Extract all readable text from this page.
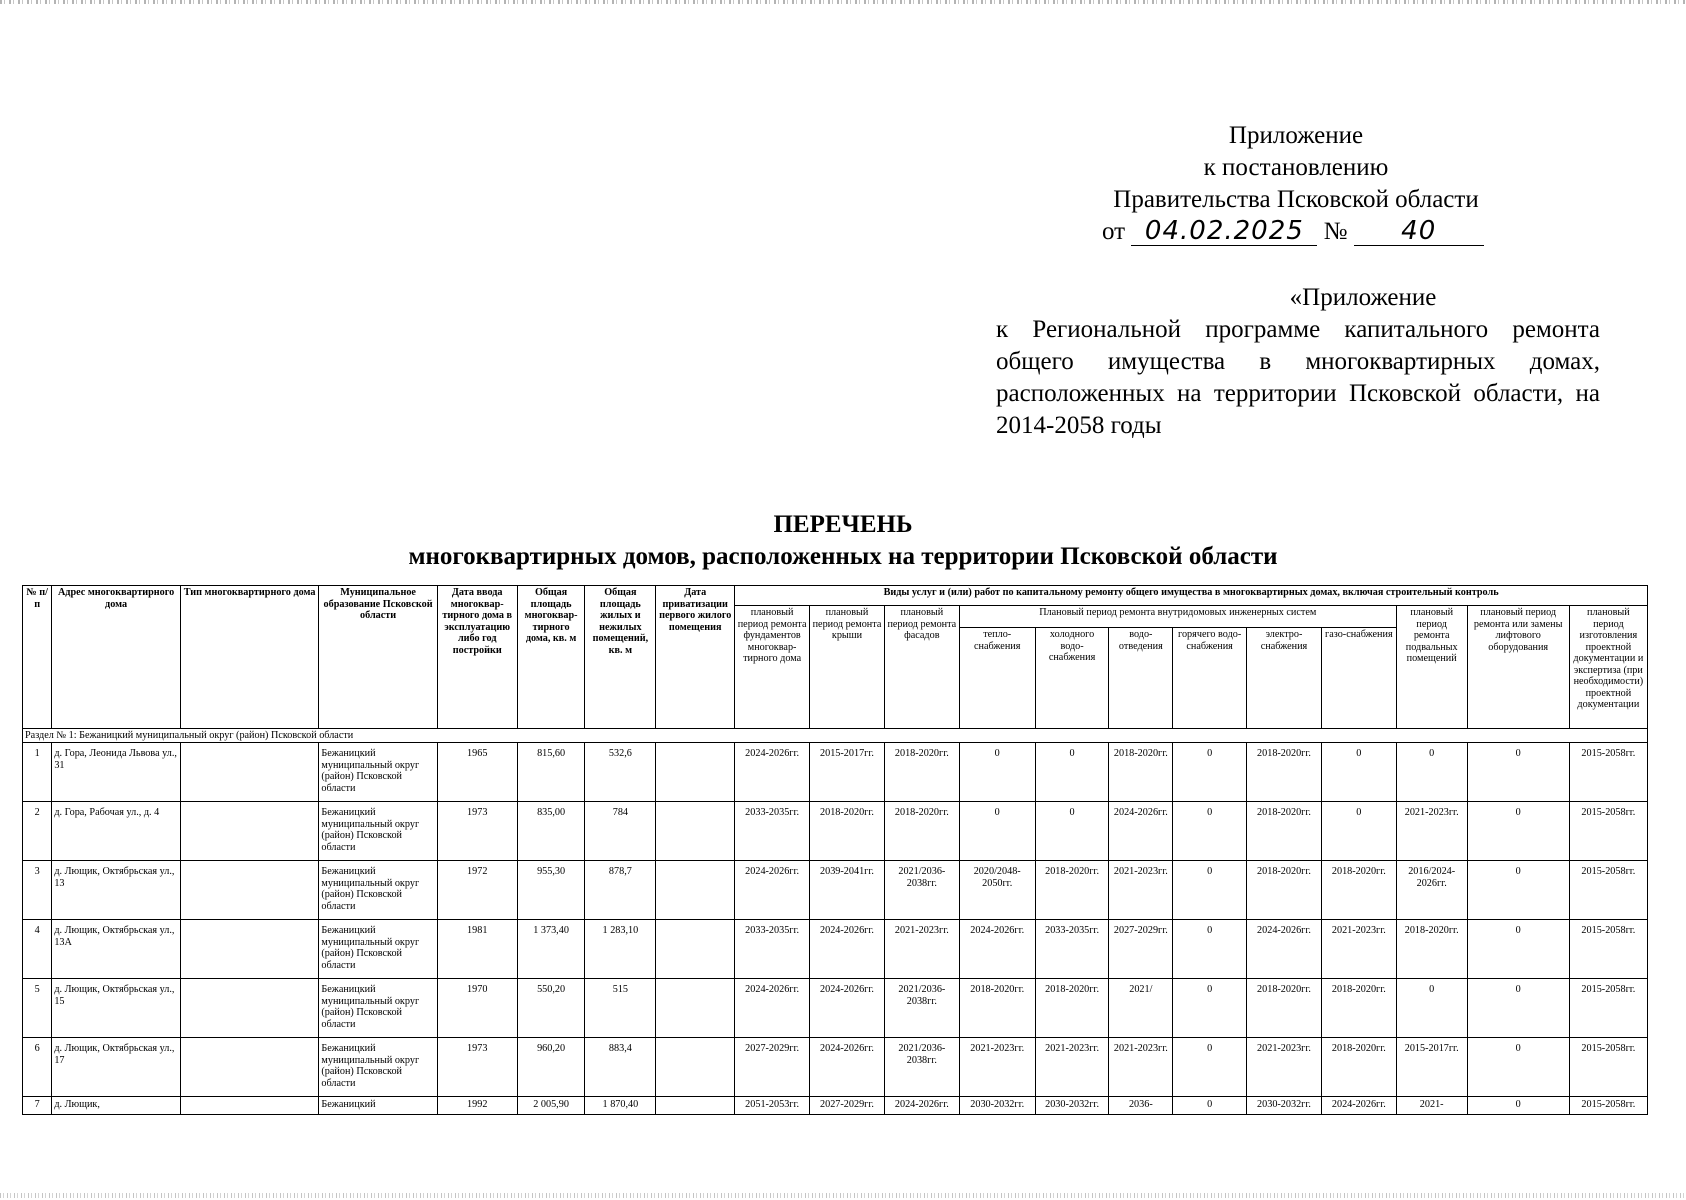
Приложение
к постановлению
Правительства Псковской области
от 04.02.2025 № 40
«Приложение
к Региональной программе капитального ремонта общего имущества в многоквартирных домах, расположенных на территории Псковской области, на 2014-2058 годы
ПЕРЕЧЕНЬ
многоквартирных домов, расположенных на территории Псковской области
№ п/п	Адрес многоквартирного дома	Тип многоквартирного дома	Муниципальное образование Псковской области	Дата ввода многоквар-тирного дома в эксплуатацию либо год постройки	Общая площадь многоквар-тирного дома, кв. м	Общая площадь жилых и нежилых помещений, кв. м	Дата приватизации первого жилого помещения	Виды услуг и (или) работ по капитальному ремонту общего имущества в многоквартирных домах, включая строительный контроль											
								плановый период ремонта фундаментов многоквар-тирного дома	плановый период ремонта крыши	плановый период ремонта фасадов	Плановый период ремонта внутридомовых инженерных систем						плановый период ремонта подвальных помещений	плановый период ремонта или замены лифтового оборудования	плановый период изготовления проектной документации и экспертиза (при необходимости) проектной документации
											тепло-снабжения	холодного водо-снабжения	водо-отведения	горячего водо-снабжения	электро-снабжения	газо-снабжения			
Раздел № 1: Бежаницкий муниципальный округ (район) Псковской области																			
1	д. Гора, Леонида Львова ул., 31		Бежаницкий муниципальный округ (район) Псковской области	1965	815,60	532,6		2024-2026гг.	2015-2017гг.	2018-2020гг.	0	0	2018-2020гг.	0	2018-2020гг.	0	0	0	2015-2058гг.
2	д. Гора, Рабочая ул., д. 4		Бежаницкий муниципальный округ (район) Псковской области	1973	835,00	784		2033-2035гг.	2018-2020гг.	2018-2020гг.	0	0	2024-2026гг.	0	2018-2020гг.	0	2021-2023гг.	0	2015-2058гг.
3	д. Лющик, Октябрьская ул., 13		Бежаницкий муниципальный округ (район) Псковской области	1972	955,30	878,7		2024-2026гг.	2039-2041гг.	2021/2036-2038гг.	2020/2048-2050гг.	2018-2020гг.	2021-2023гг.	0	2018-2020гг.	2018-2020гг.	2016/2024-2026гг.	0	2015-2058гг.
4	д. Лющик, Октябрьская ул., 13А		Бежаницкий муниципальный округ (район) Псковской области	1981	1 373,40	1 283,10		2033-2035гг.	2024-2026гг.	2021-2023гг.	2024-2026гг.	2033-2035гг.	2027-2029гг.	0	2024-2026гг.	2021-2023гг.	2018-2020гг.	0	2015-2058гг.
5	д. Лющик, Октябрьская ул., 15		Бежаницкий муниципальный округ (район) Псковской области	1970	550,20	515		2024-2026гг.	2024-2026гг.	2021/2036-2038гг.	2018-2020гг.	2018-2020гг.	2021/	0	2018-2020гг.	2018-2020гг.	0	0	2015-2058гг.
6	д. Лющик, Октябрьская ул., 17		Бежаницкий муниципальный округ (район) Псковской области	1973	960,20	883,4		2027-2029гг.	2024-2026гг.	2021/2036-2038гг.	2021-2023гг.	2021-2023гг.	2021-2023гг.	0	2021-2023гг.	2018-2020гг.	2015-2017гг.	0	2015-2058гг.
7	д. Лющик,		Бежаницкий	1992	2 005,90	1 870,40		2051-2053гг.	2027-2029гг.	2024-2026гг.	2030-2032гг.	2030-2032гг.	2036-	0	2030-2032гг.	2024-2026гг.	2021-	0	2015-2058гг.
